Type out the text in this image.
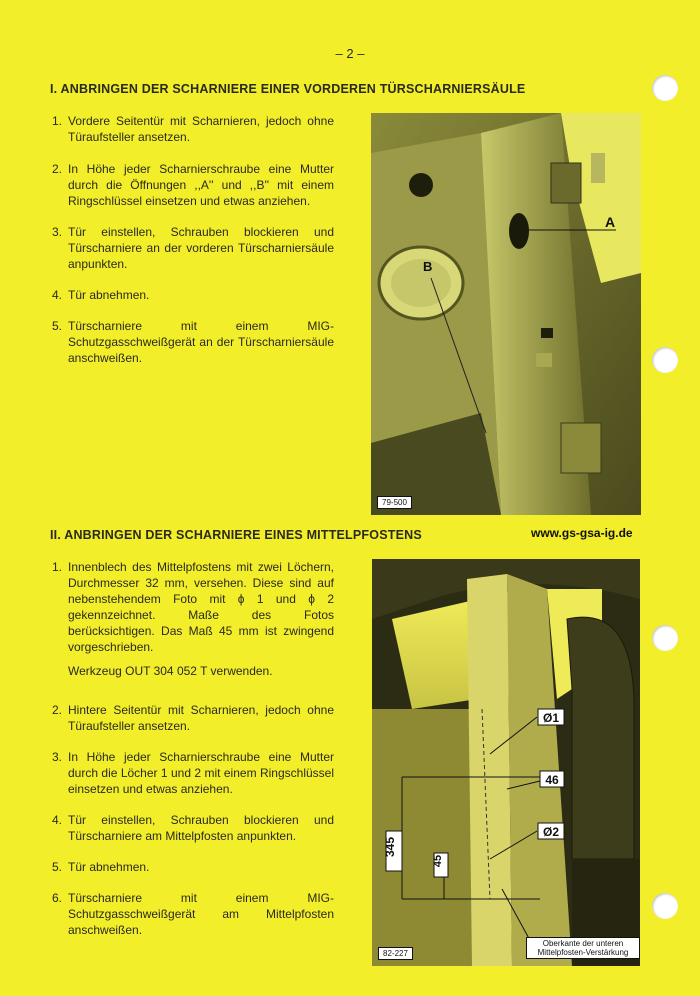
– 2 –
I. ANBRINGEN DER SCHARNIERE EINER VORDEREN TÜRSCHARNIERSÄULE
1. Vordere Seitentür mit Scharnieren, jedoch ohne Türaufsteller ansetzen.
2. In Höhe jeder Scharnierschraube eine Mutter durch die Öffnungen ,,A'' und ,,B'' mit einem Ringschlüssel einsetzen und etwas anziehen.
3. Tür einstellen, Schrauben blockieren und Türscharniere an der vorderen Türscharniersäule anpunkten.
4. Tür abnehmen.
5. Türscharniere mit einem MIG-Schutzgasschweißgerät an der Türscharniersäule anschweißen.
A
B
79-500
II. ANBRINGEN DER SCHARNIERE EINES MITTELPFOSTENS	www.gs-gsa-ig.de
1. Innenblech des Mittelpfostens mit zwei Löchern, Durchmesser 32 mm, versehen. Diese sind auf nebenstehendem Foto mit ϕ 1 und ϕ 2 gekennzeichnet. Maße des Fotos berücksichtigen. Das Maß 45 mm ist zwingend vorgeschrieben.
Werkzeug OUT 304 052 T verwenden.
2. Hintere Seitentür mit Scharnieren, jedoch ohne Türaufsteller ansetzen.
3. In Höhe jeder Scharnierschraube eine Mutter durch die Löcher 1 und 2 mit einem Ringschlüssel einsetzen und etwas anziehen.
4. Tür einstellen, Schrauben blockieren und Türscharniere am Mittelpfosten anpunkten.
5. Tür abnehmen.
6. Türscharniere mit einem MIG-Schutzgasschweißgerät am Mittelpfosten anschweißen.
Ø1
46
Ø2
345
45
82-227
Oberkante der unteren Mittelpfosten-Verstärkung
